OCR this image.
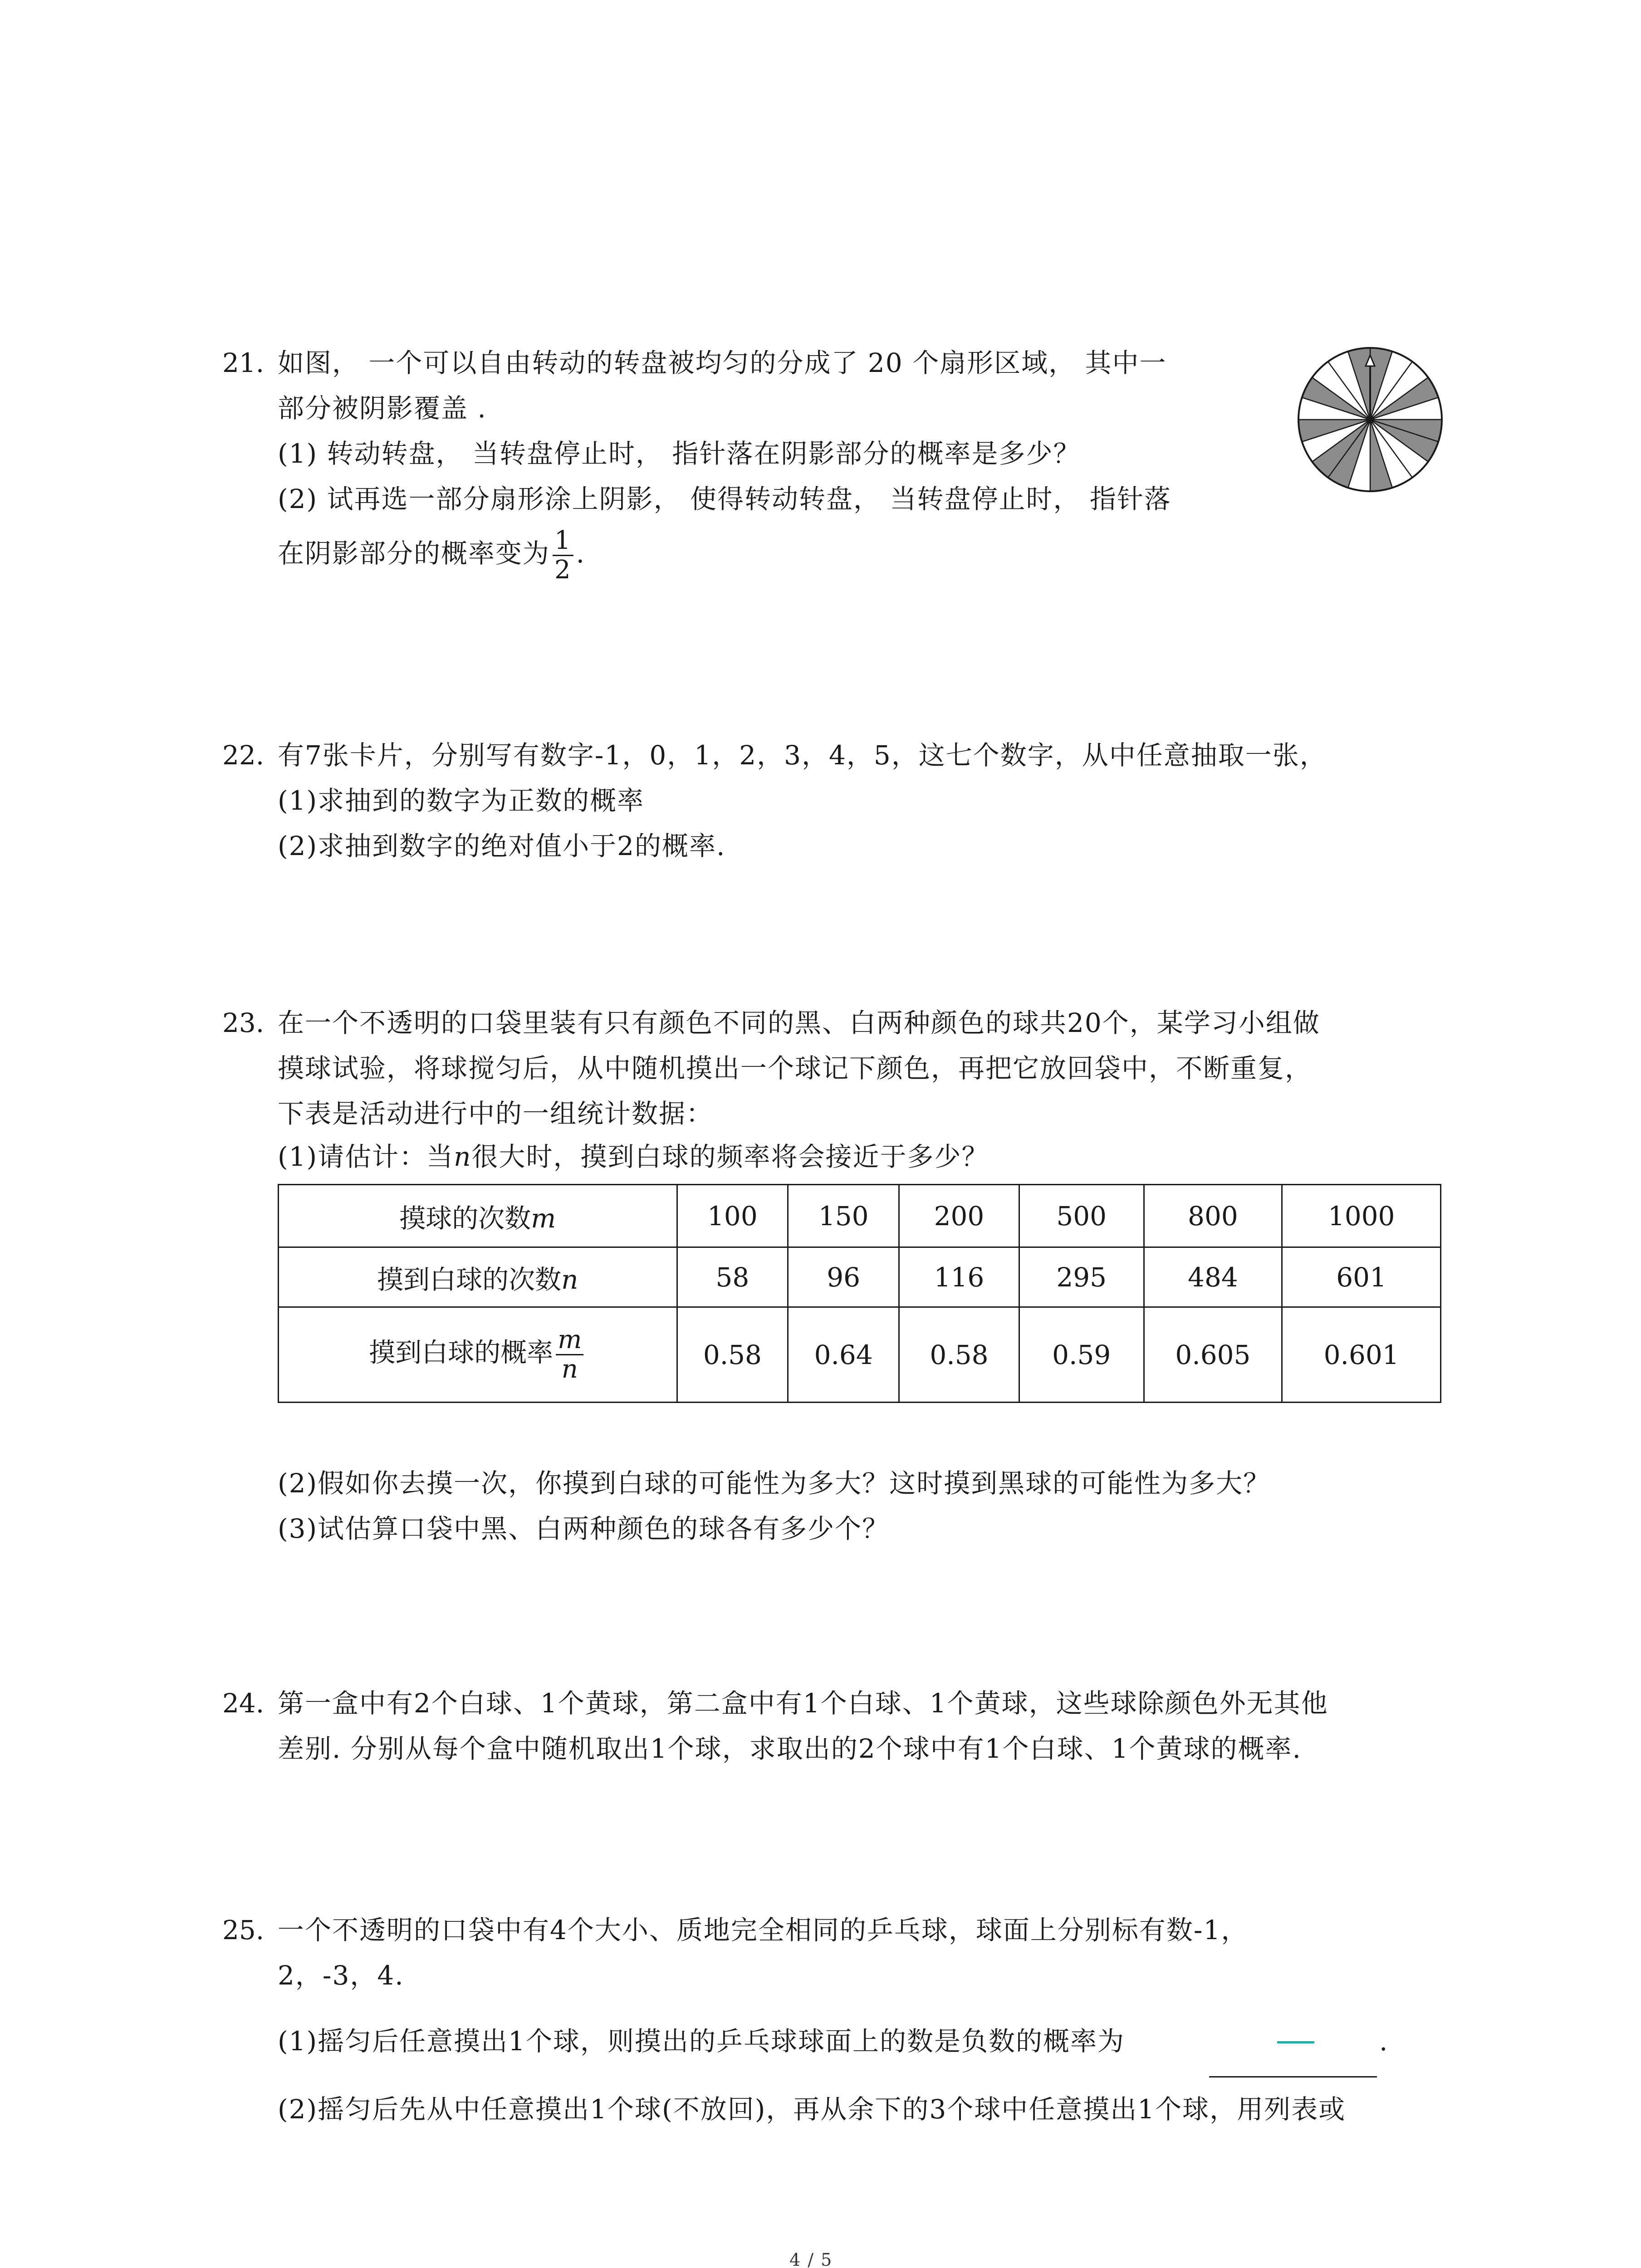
21. 如图， 一个可以自由转动的转盘被均匀的分成了 20 个扇形区域， 其中一
部分被阴影覆盖 .
(1) 转动转盘， 当转盘停止时， 指针落在阴影部分的概率是多少？
(2) 试再选一部分扇形涂上阴影， 使得转动转盘， 当转盘停止时， 指针落
在阴影部分的概率变为 $\frac{1}{2}$ .
22. 有7张卡片，分别写有数字-1，0，1，2，3，4，5，这七个数字，从中任意抽取一张，
(1)求抽到的数字为正数的概率
(2)求抽到数字的绝对值小于2的概率.
23. 在一个不透明的口袋里装有只有颜色不同的黑、白两种颜色的球共20个，某学习小组做
摸球试验，将球搅匀后，从中随机摸出一个球记下颜色，再把它放回袋中，不断重复，
下表是活动进行中的一组统计数据：
(1)请估计：当n很大时，摸到白球的频率将会接近于多少？
摸球的次数m	100	150	200	500	800	1000
摸到白球的次数n	58	96	116	295	484	601
摸到白球的概率 $\frac{m}{n}$	0.58	0.64	0.58	0.59	0.605	0.601
(2)假如你去摸一次，你摸到白球的可能性为多大？这时摸到黑球的可能性为多大？
(3)试估算口袋中黑、白两种颜色的球各有多少个？
24. 第一盒中有2个白球、1个黄球，第二盒中有1个白球、1个黄球，这些球除颜色外无其他
差别. 分别从每个盒中随机取出1个球，求取出的2个球中有1个白球、1个黄球的概率.
25. 一个不透明的口袋中有4个大小、质地完全相同的乒乓球，球面上分别标有数-1，
2，-3，4.
(1)摇匀后任意摸出1个球，则摸出的乒乓球球面上的数是负数的概率为	.
(2)摇匀后先从中任意摸出1个球(不放回)，再从余下的3个球中任意摸出1个球，用列表或
4 / 5
